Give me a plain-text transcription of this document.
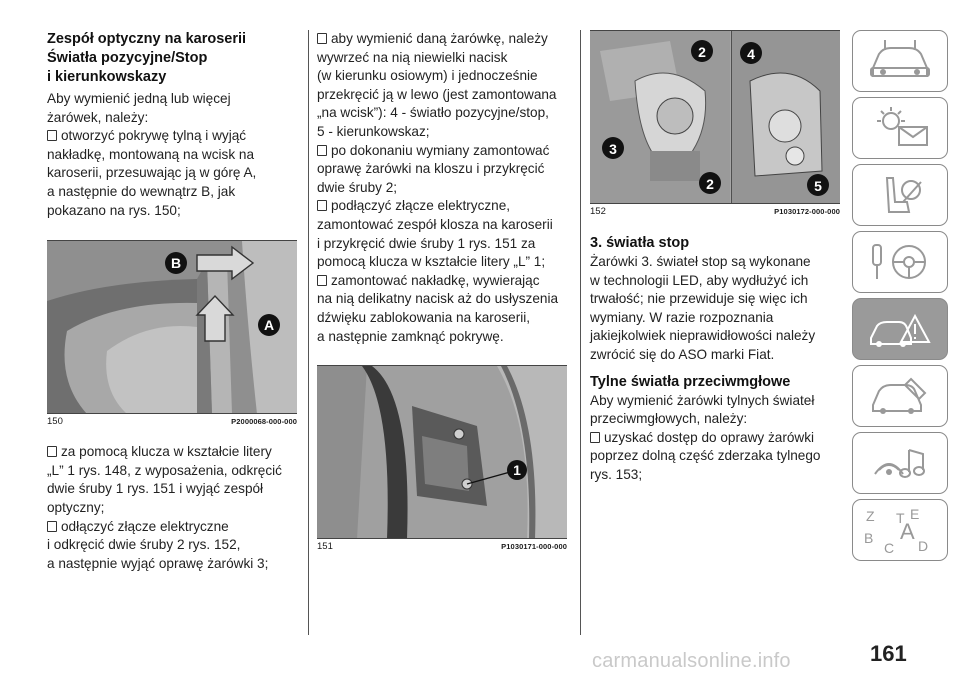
Zespół optyczny na karoserii
Światła pozycyjne/Stop
i kierunkowskazy

Aby wymienić jedną lub więcej
żarówek, należy:

otworzyć pokrywę tylną i wyjąć
nakładkę, montowaną na wcisk na
karoserii, przesuwając ją w górę A,
a następnie do wewnątrz B, jak
pokazano na rys. 150;

B
A
150	P2000068-000-000

za pomocą klucza w kształcie litery
„L” 1 rys. 148, z wyposażenia, odkręcić
dwie śruby 1 rys. 151 i wyjąć zespół
optyczny;

odłączyć złącze elektryczne
i odkręcić dwie śruby 2 rys. 152,
a następnie wyjąć oprawę żarówki 3;

aby wymienić daną żarówkę, należy
wywrzeć na nią niewielki nacisk
(w kierunku osiowym) i jednocześnie
przekręcić ją w lewo (jest zamontowana
„na wcisk”): 4 - światło pozycyjne/stop,
5 - kierunkowskaz;

po dokonaniu wymiany zamontować
oprawę żarówki na kloszu i przykręcić
dwie śruby 2;

podłączyć złącze elektryczne,
zamontować zespół klosza na karoserii
i przykręcić dwie śruby 1 rys. 151 za
pomocą klucza w kształcie litery „L” 1;

zamontować nakładkę, wywierając
na nią delikatny nacisk aż do usłyszenia
dźwięku zablokowania na karoserii,
a następnie zamknąć pokrywę.

1
151	P1030171-000-000
2
3
2
4
5
152	P1030172-000-000
3. światła stop

Żarówki 3. świateł stop są wykonane
w technologii LED, aby wydłużyć ich
trwałość; nie przewiduje się więc ich
wymiany. W razie rozpoznania
jakiejkolwiek nieprawidłowości należy
zwrócić się do ASO marki Fiat.

Tylne światła przeciwmgłowe

Aby wymienić żarówki tylnych świateł
przeciwmgłowych, należy:

uzyskać dostęp do oprawy żarówki
poprzez dolną część zderzaka tylnego
rys. 153;

Z	E
B A
C D
T
161
carmanualsonline.info
